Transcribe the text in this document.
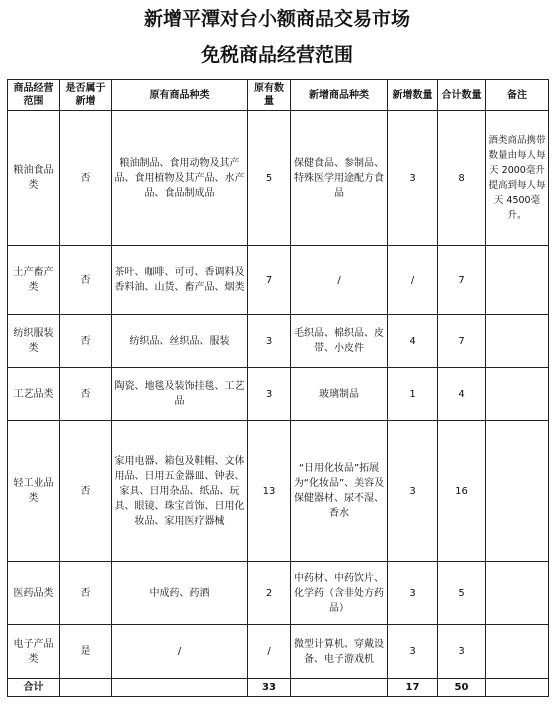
新增平潭对台小额商品交易市场
免税商品经营范围
商品经营范围	是否属于新增	原有商品种类	原有数量	新增商品种类	新增数量	合计数量	备注
粮油食品类	否	粮油制品、食用动物及其产品、食用植物及其产品、水产品、食品制成品	5	保健食品、参制品、特殊医学用途配方食品	3	8	酒类商品携带数量由每人每天 2000毫升提高到每人每天 4500毫升。
土产畜产类	否	茶叶、咖啡、可可、香调料及香料油、山货、畜产品、烟类	7	/	/	7	
纺织服装类	否	纺织品、丝织品、服装	3	毛织品、棉织品、皮带、小皮件	4	7	
工艺品类	否	陶瓷、地毯及装饰挂毯、工艺品	3	玻璃制品	1	4	
轻工业品类	否	家用电器、箱包及鞋帽、文体用品、日用五金器皿、钟表、家具、日用杂品、纸品、玩具、眼镜、珠宝首饰、日用化妆品、家用医疗器械	13	“日用化妆品”拓展为“化妆品”、美容及保健器材、尿不湿、香水	3	16	
医药品类	否	中成药、药酒	2	中药材、中药饮片、化学药（含非处方药品）	3	5	
电子产品类	是	/	/	微型计算机、穿戴设备、电子游戏机	3	3	
合计			33		17	50	
